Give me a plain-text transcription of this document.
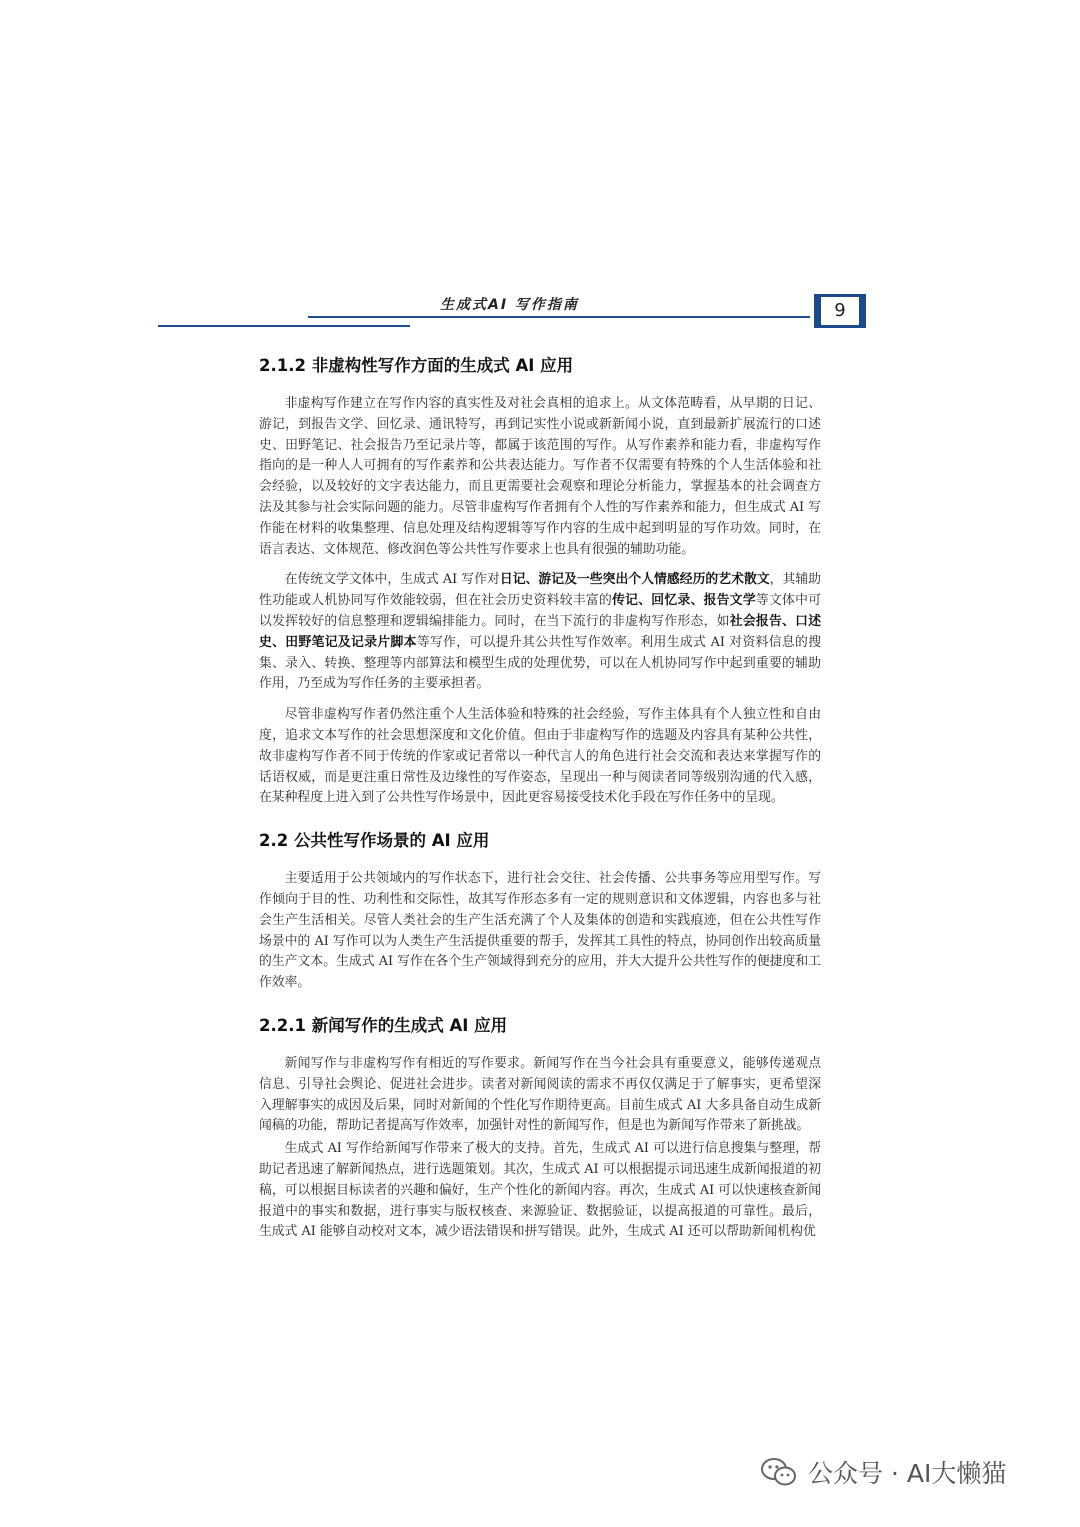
生成式AI 写作指南	9
2.1.2 非虚构性写作方面的生成式 AI 应用

非虚构写作建立在写作内容的真实性及对社会真相的追求上。从文体范畴看，从早期的日记、游记，到报告文学、回忆录、通讯特写，再到记实性小说或新新闻小说，直到最新扩展流行的口述史、田野笔记、社会报告乃至记录片等，都属于该范围的写作。从写作素养和能力看，非虚构写作指向的是一种人人可拥有的写作素养和公共表达能力。写作者不仅需要有特殊的个人生活体验和社会经验，以及较好的文字表达能力，而且更需要社会观察和理论分析能力，掌握基本的社会调查方法及其参与社会实际问题的能力。尽管非虚构写作者拥有个人性的写作素养和能力，但生成式 AI 写作能在材料的收集整理、信息处理及结构逻辑等写作内容的生成中起到明显的写作功效。同时，在语言表达、文体规范、修改润色等公共性写作要求上也具有很强的辅助功能。

在传统文学文体中，生成式 AI 写作对日记、游记及一些突出个人情感经历的艺术散文，其辅助性功能或人机协同写作效能较弱，但在社会历史资料较丰富的传记、回忆录、报告文学等文体中可以发挥较好的信息整理和逻辑编排能力。同时，在当下流行的非虚构写作形态，如社会报告、口述史、田野笔记及记录片脚本等写作，可以提升其公共性写作效率。利用生成式 AI 对资料信息的搜集、录入、转换、整理等内部算法和模型生成的处理优势，可以在人机协同写作中起到重要的辅助作用，乃至成为写作任务的主要承担者。

尽管非虚构写作者仍然注重个人生活体验和特殊的社会经验，写作主体具有个人独立性和自由度，追求文本写作的社会思想深度和文化价值。但由于非虚构写作的选题及内容具有某种公共性，故非虚构写作者不同于传统的作家或记者常以一种代言人的角色进行社会交流和表达来掌握写作的话语权威，而是更注重日常性及边缘性的写作姿态，呈现出一种与阅读者同等级别沟通的代入感，在某种程度上进入到了公共性写作场景中，因此更容易接受技术化手段在写作任务中的呈现。

2.2 公共性写作场景的 AI 应用

主要适用于公共领域内的写作状态下，进行社会交往、社会传播、公共事务等应用型写作。写作倾向于目的性、功利性和交际性，故其写作形态多有一定的规则意识和文体逻辑，内容也多与社会生产生活相关。尽管人类社会的生产生活充满了个人及集体的创造和实践痕迹，但在公共性写作场景中的 AI 写作可以为人类生产生活提供重要的帮手，发挥其工具性的特点，协同创作出较高质量的生产文本。生成式 AI 写作在各个生产领域得到充分的应用，并大大提升公共性写作的便捷度和工作效率。

2.2.1 新闻写作的生成式 AI 应用

新闻写作与非虚构写作有相近的写作要求。新闻写作在当今社会具有重要意义，能够传递观点信息、引导社会舆论、促进社会进步。读者对新闻阅读的需求不再仅仅满足于了解事实，更希望深入理解事实的成因及后果，同时对新闻的个性化写作期待更高。目前生成式 AI 大多具备自动生成新闻稿的功能，帮助记者提高写作效率，加强针对性的新闻写作，但是也为新闻写作带来了新挑战。

生成式 AI 写作给新闻写作带来了极大的支持。首先，生成式 AI 可以进行信息搜集与整理，帮助记者迅速了解新闻热点，进行选题策划。其次，生成式 AI 可以根据提示词迅速生成新闻报道的初稿，可以根据目标读者的兴趣和偏好，生产个性化的新闻内容。再次，生成式 AI 可以快速核查新闻报道中的事实和数据，进行事实与版权核查、来源验证、数据验证，以提高报道的可靠性。最后，生成式 AI 能够自动校对文本，减少语法错误和拼写错误。此外，生成式 AI 还可以帮助新闻机构优

公众号 · AI大懒猫
